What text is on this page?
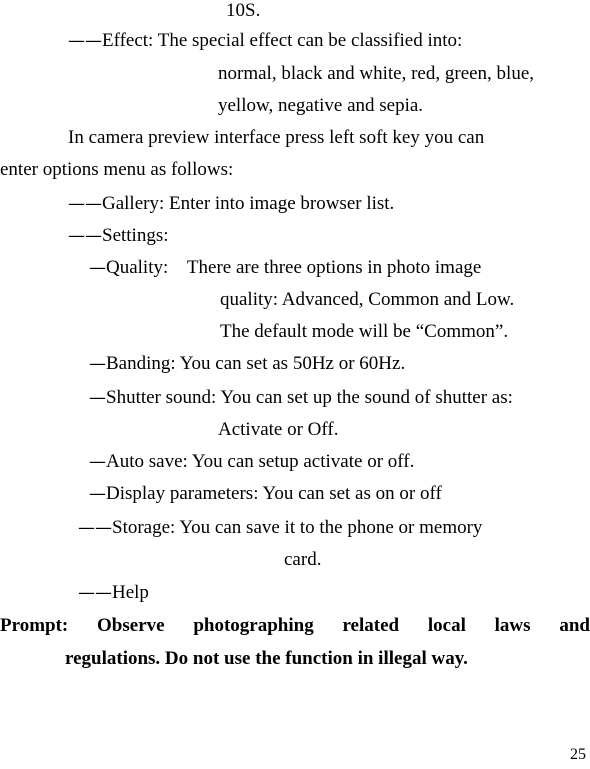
10S.
——Effect: The special effect can be classified into:
normal, black and white, red, green, blue,
yellow, negative and sepia.
In camera preview interface press left soft key you can
enter options menu as follows:
——Gallery: Enter into image browser list.
——Settings:
—Quality:    There are three options in photo image
quality: Advanced, Common and Low.
The default mode will be “Common”.
—Banding: You can set as 50Hz or 60Hz.
—Shutter sound: You can set up the sound of shutter as:
Activate or Off.
—Auto save: You can setup activate or off.
—Display parameters: You can set as on or off
——Storage: You can save it to the phone or memory
card.
——Help
Prompt: Observe photographing related local laws and
regulations. Do not use the function in illegal way.
25
